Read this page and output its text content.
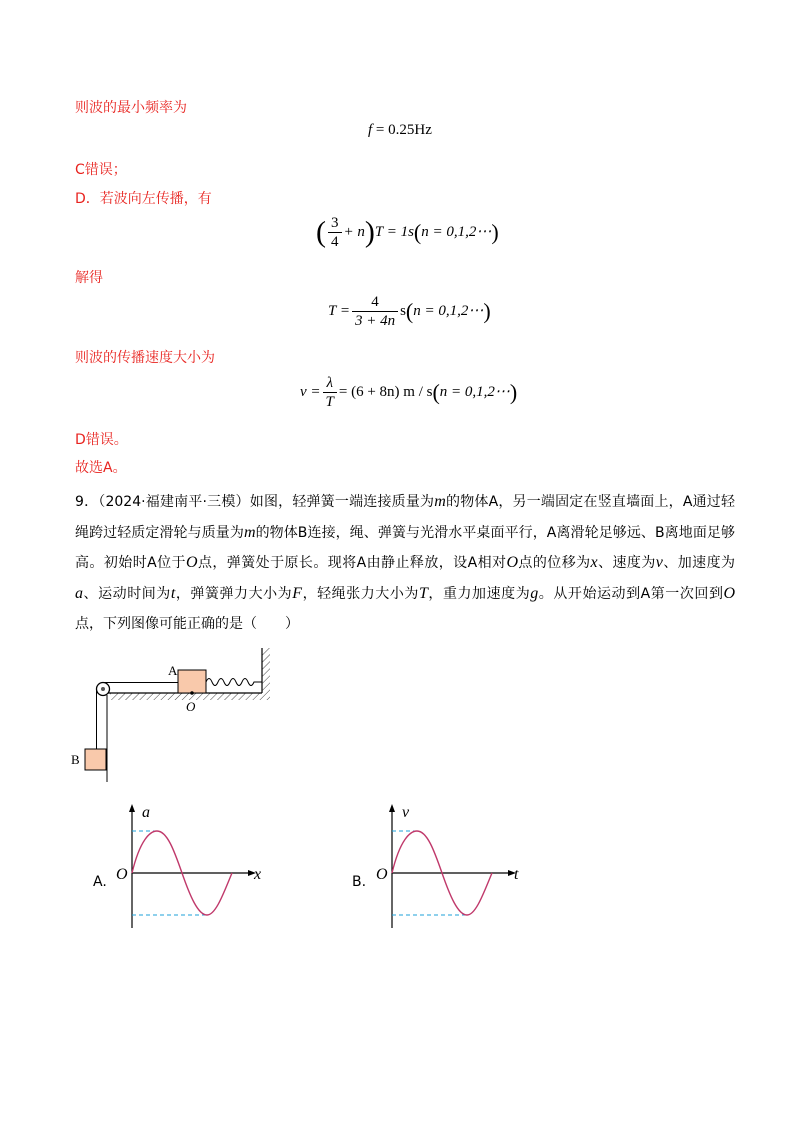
则波的最小频率为
f = 0.25Hz
C错误；
D．若波向左传播，有
( $\frac{3}{4} + n)T = 1s(n$ = 0,1,2⋯)
解得
$T = \frac{4}{3 + 4n} s(n$ = 0,1,2⋯)
则波的传播速度大小为
$v = \frac{\lambda}{T} = (6 + 8n)$ m / s(n = 0,1,2⋯)
D错误。
故选A。
9．（2024·福建南平·三模）如图，轻弹簧一端连接质量为m的物体A，另一端固定在竖直墙面上，A通过轻绳跨过轻质定滑轮与质量为m的物体B连接，绳、弹簧与光滑水平桌面平行，A离滑轮足够远、B离地面足够高。初始时A位于O点，弹簧处于原长。现将A由静止释放，设A相对O点的位移为x、速度为v、加速度为a、运动时间为t，弹簧弹力大小为F，轻绳张力大小为T，重力加速度为g。从开始运动到A第一次回到O点，下列图像可能正确的是（　　）
A
O
B
A.
a
x
O	B.
v
t
O
